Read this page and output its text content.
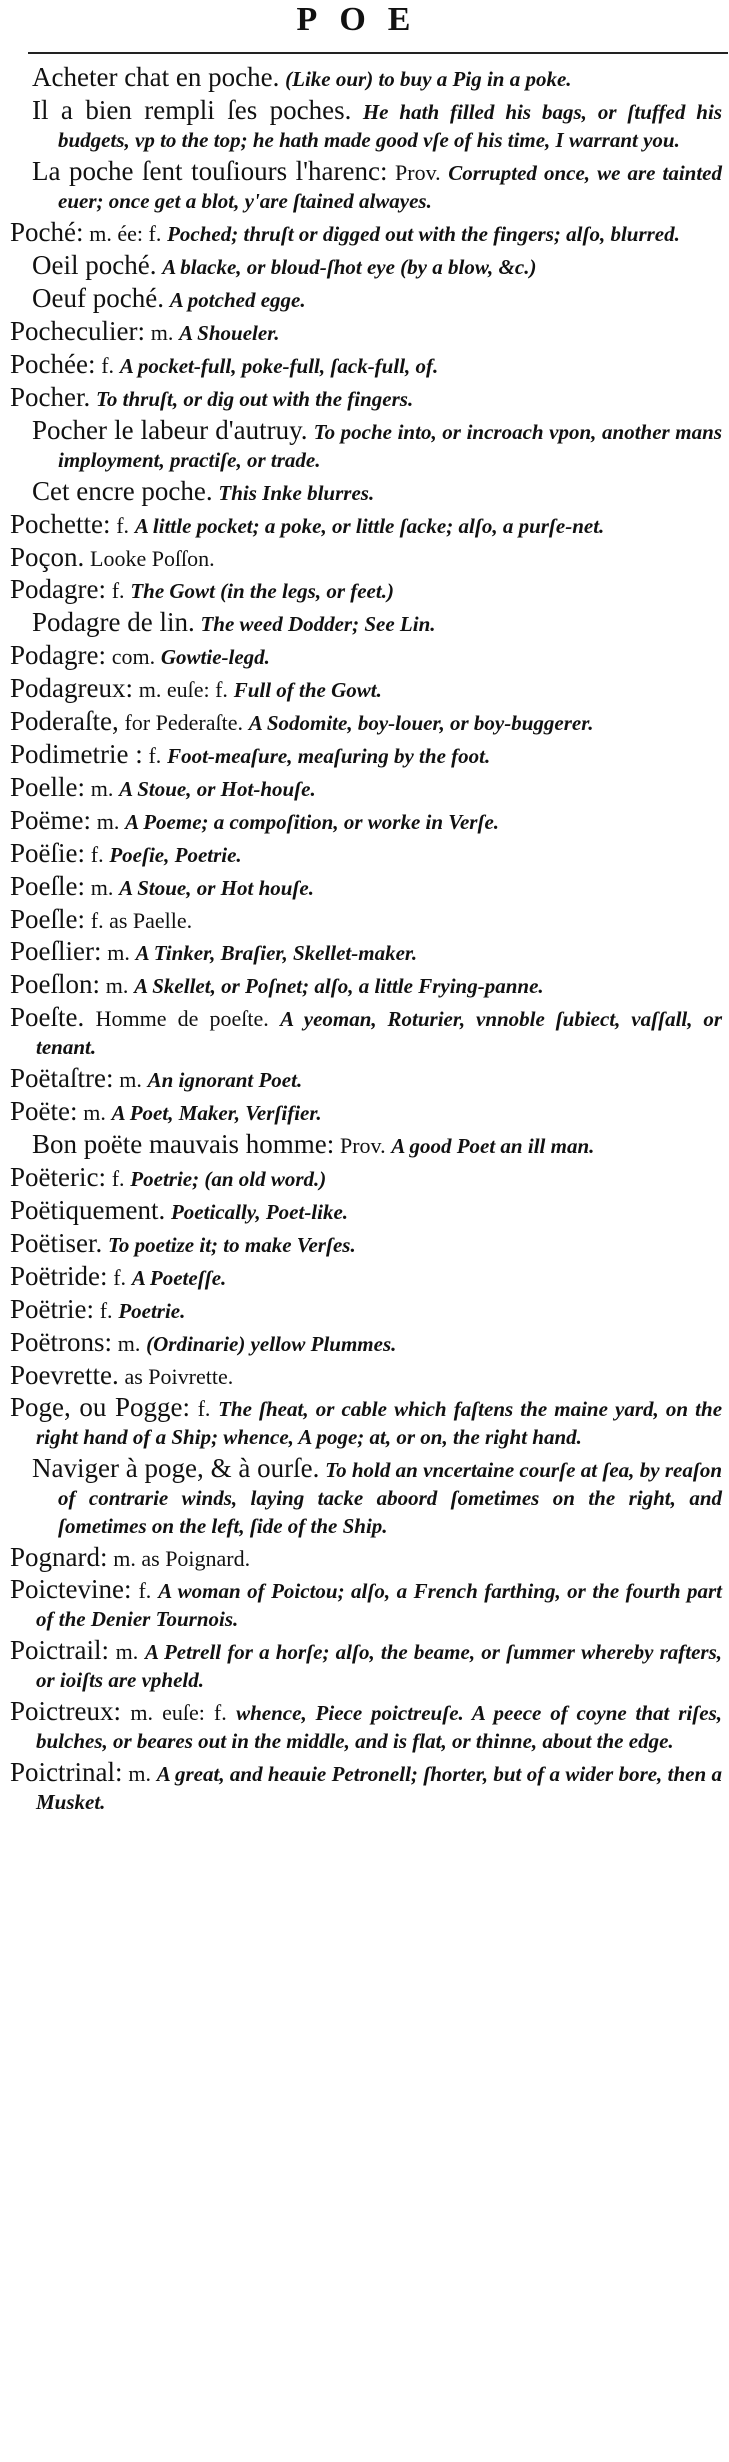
POE
Acheter chat en poche. (Like our) to buy a Pig in a poke.
Il a bien rempli ſes poches. He hath filled his bags, or ſtuffed his budgets, vp to the top; he hath made good vſe of his time, I warrant you.
La poche ſent touſiours l'harenc: Prov. Corrupted once, we are tainted euer; once get a blot, y'are ſtained alwayes.
Poché: m. ée: f. Poched; thruſt or digged out with the fingers; alſo, blurred.
Oeil poché. A blacke, or bloud-ſhot eye (by a blow, &c.)
Oeuf poché. A potched egge.
Pocheculier: m. A Shoueler.
Pochée: f. A pocket-full, poke-full, ſack-full, of.
Pocher. To thruſt, or dig out with the fingers.
Pocher le labeur d'autruy. To poche into, or incroach vpon, another mans imployment, practiſe, or trade.
Cet encre poche. This Inke blurres.
Pochette: f. A little pocket; a poke, or little ſacke; alſo, a purſe-net.
Poçon. Looke Poſſon.
Podagre: f. The Gowt (in the legs, or feet.)
Podagre de lin. The weed Dodder; See Lin.
Podagre: com. Gowtie-legd.
Podagreux: m. euſe: f. Full of the Gowt.
Poderaſte, for Pederaſte. A Sodomite, boy-louer, or boy-buggerer.
Podimetrie : f. Foot-meaſure, meaſuring by the foot.
Poelle: m. A Stoue, or Hot-houſe.
Poëme: m. A Poeme; a compoſition, or worke in Verſe.
Poëſie: f. Poeſie, Poetrie.
Poeſle: m. A Stoue, or Hot houſe.
Poeſle: f. as Paelle.
Poeſlier: m. A Tinker, Braſier, Skellet-maker.
Poeſlon: m. A Skellet, or Poſnet; alſo, a little Frying-panne.
Poeſte. Homme de poeſte. A yeoman, Roturier, vnnoble ſubiect, vaſſall, or tenant.
Poëtaſtre: m. An ignorant Poet.
Poëte: m. A Poet, Maker, Verſifier.
Bon poëte mauvais homme: Prov. A good Poet an ill man.
Poëteric: f. Poetrie; (an old word.)
Poëtiquement. Poetically, Poet-like.
Poëtiser. To poetize it; to make Verſes.
Poëtride: f. A Poeteſſe.
Poëtrie: f. Poetrie.
Poëtrons: m. (Ordinarie) yellow Plummes.
Poevrette. as Poivrette.
Poge, ou Pogge: f. The ſheat, or cable which faſtens the maine yard, on the right hand of a Ship; whence, A poge; at, or on, the right hand.
Naviger à poge, & à ourſe. To hold an vncertaine courſe at ſea, by reaſon of contrarie winds, laying tacke aboord ſometimes on the right, and ſometimes on the left, ſide of the Ship.
Pognard: m. as Poignard.
Poictevine: f. A woman of Poictou; alſo, a French farthing, or the fourth part of the Denier Tournois.
Poictrail: m. A Petrell for a horſe; alſo, the beame, or ſummer whereby rafters, or ioiſts are vpheld.
Poictreux: m. euſe: f. whence, Piece poictreuſe. A peece of coyne that riſes, bulches, or beares out in the middle, and is flat, or thinne, about the edge.
Poictrinal: m. A great, and heauie Petronell; ſhorter, but of a wider bore, then a Musket.
